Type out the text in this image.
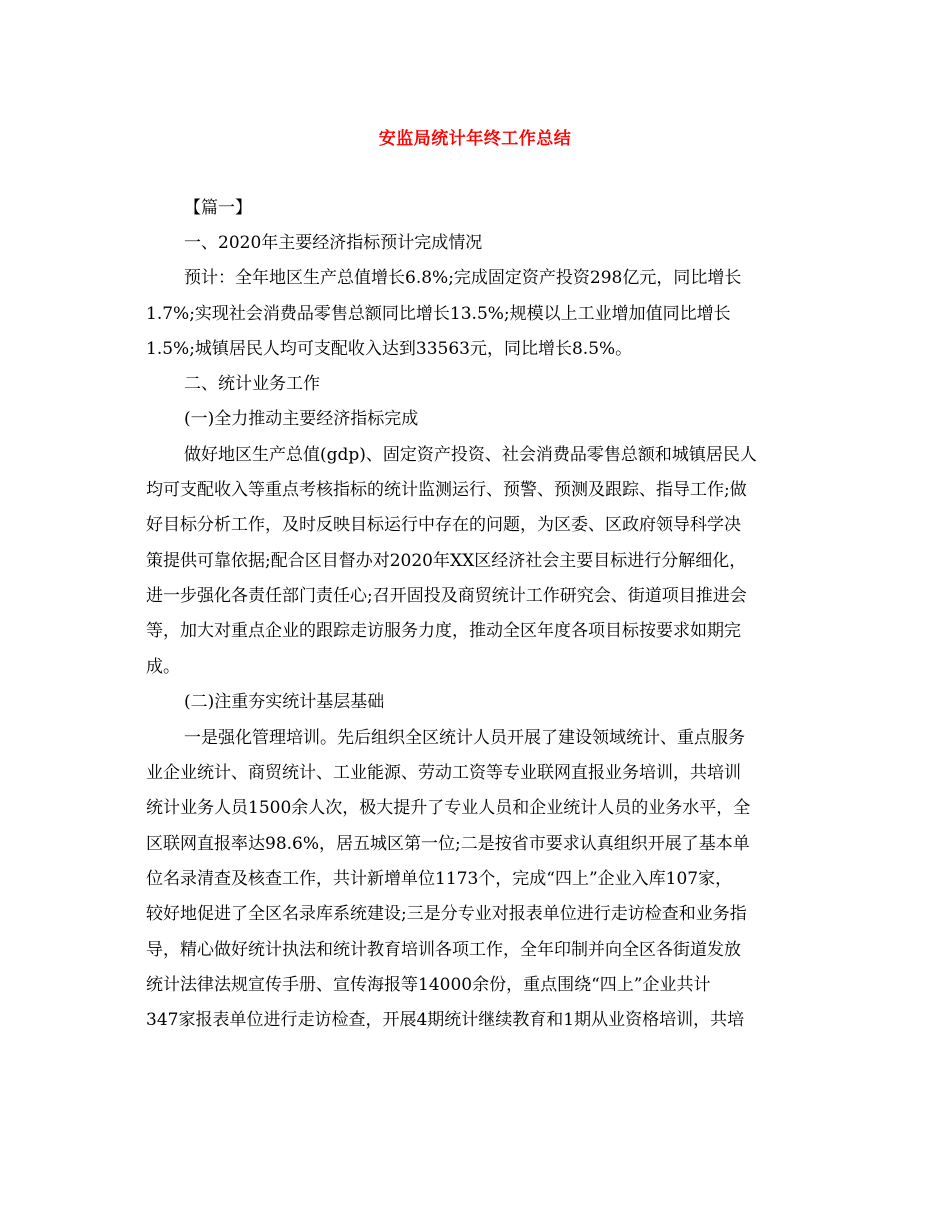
安监局统计年终工作总结
【篇一】
一、2020年主要经济指标预计完成情况
预计：全年地区生产总值增长6.8%;完成固定资产投资298亿元，同比增长
1.7%;实现社会消费品零售总额同比增长13.5%;规模以上工业增加值同比增长
1.5%;城镇居民人均可支配收入达到33563元，同比增长8.5%。
二、统计业务工作
(一)全力推动主要经济指标完成
做好地区生产总值(gdp)、固定资产投资、社会消费品零售总额和城镇居民人
均可支配收入等重点考核指标的统计监测运行、预警、预测及跟踪、指导工作;做
好目标分析工作，及时反映目标运行中存在的问题，为区委、区政府领导科学决
策提供可靠依据;配合区目督办对2020年XX区经济社会主要目标进行分解细化，
进一步强化各责任部门责任心;召开固投及商贸统计工作研究会、街道项目推进会
等，加大对重点企业的跟踪走访服务力度，推动全区年度各项目标按要求如期完
成。
(二)注重夯实统计基层基础
一是强化管理培训。先后组织全区统计人员开展了建设领域统计、重点服务
业企业统计、商贸统计、工业能源、劳动工资等专业联网直报业务培训，共培训
统计业务人员1500余人次，极大提升了专业人员和企业统计人员的业务水平，全
区联网直报率达98.6%，居五城区第一位;二是按省市要求认真组织开展了基本单
位名录清查及核查工作，共计新增单位1173个，完成“四上”企业入库107家，
较好地促进了全区名录库系统建设;三是分专业对报表单位进行走访检查和业务指
导，精心做好统计执法和统计教育培训各项工作，全年印制并向全区各街道发放
统计法律法规宣传手册、宣传海报等14000余份，重点围绕“四上”企业共计
347家报表单位进行走访检查，开展4期统计继续教育和1期从业资格培训，共培
